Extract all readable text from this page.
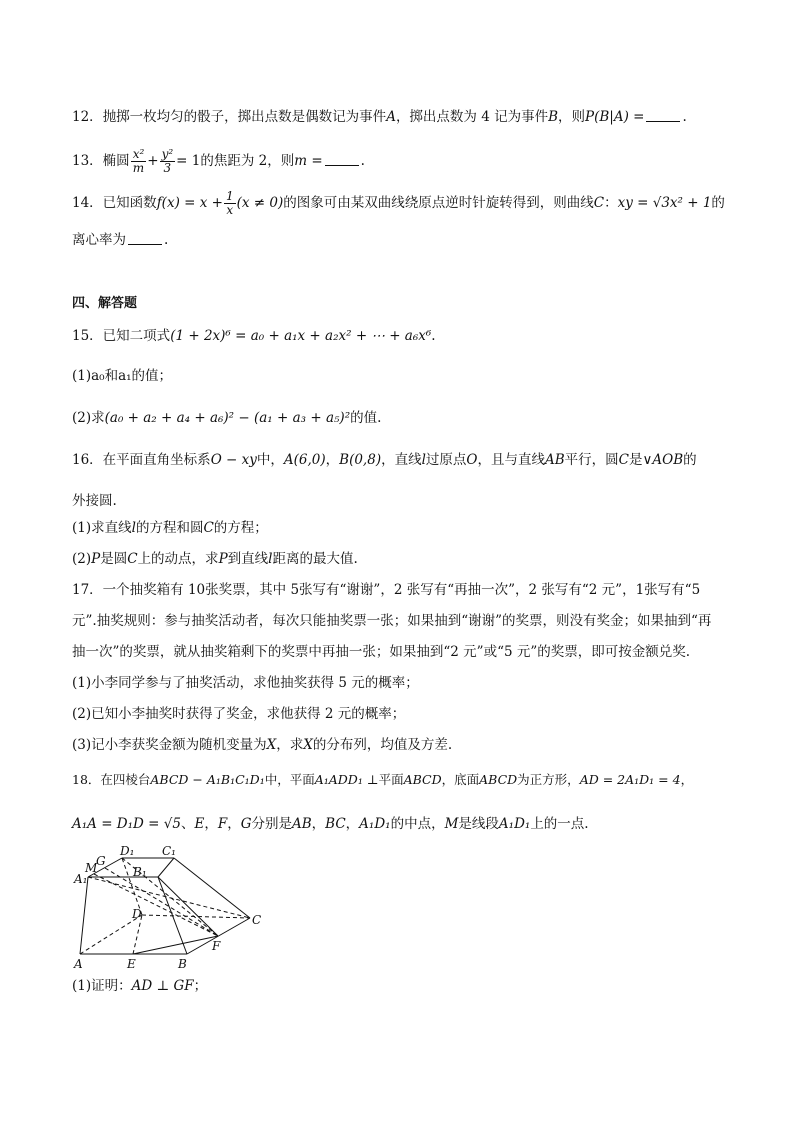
12．抛掷一枚均匀的骰子，掷出点数是偶数记为事件A，掷出点数为 4 记为事件B，则P(B|A) =	.
13．椭圆 $\frac{\text{x²}}{m} + \frac{\text{y²}}{3} = 1$的焦距为 2，则m =	.
14．已知函数$f(x) = x + \frac{1}{x} (x \ne 0)$的图象可由某双曲线绕原点逆时针旋转得到，则曲线C：xy = √3x² + 1的
离心率为	.
四、解答题
15．已知二项式(1 + 2x)⁶ = a₀ + a₁x + a₂x² + ⋯ + a₆x⁶.
(1)a₀和a₁的值；
(2)求(a₀ + a₂ + a₄ + a₆)² − (a₁ + a₃ + a₅)²的值.
16．在平面直角坐标系O − xy中，A(6,0)，B(0,8)，直线l过原点O，且与直线AB平行，圆C是∨AOB的
外接圆.
(1)求直线l的方程和圆C的方程；
(2)P是圆C上的动点，求P到直线l距离的最大值.
17．一个抽奖箱有 10张奖票，其中 5张写有“谢谢”，2 张写有“再抽一次”，2 张写有“2 元”，1张写有“5
元”.抽奖规则：参与抽奖活动者，每次只能抽奖票一张；如果抽到“谢谢”的奖票，则没有奖金；如果抽到“再
抽一次”的奖票，就从抽奖箱剩下的奖票中再抽一张；如果抽到“2 元”或“5 元”的奖票，即可按金额兑奖.
(1)小李同学参与了抽奖活动，求他抽奖获得 5 元的概率；
(2)已知小李抽奖时获得了奖金，求他获得 2 元的概率；
(3)记小李获奖金额为随机变量为X，求X的分布列，均值及方差.
18．在四棱台ABCD − A₁B₁C₁D₁中，平面A₁ADD₁ ⊥平面ABCD，底面ABCD为正方形，AD = 2A₁D₁ = 4，
A₁A = D₁D = √5、E，F，G分别是AB，BC，A₁D₁的中点，M是线段A₁D₁上的一点.
A	B
C
D₁ C₁
B₁
G
M
A₁
D
E
F
(1)证明：AD ⊥ GF；
